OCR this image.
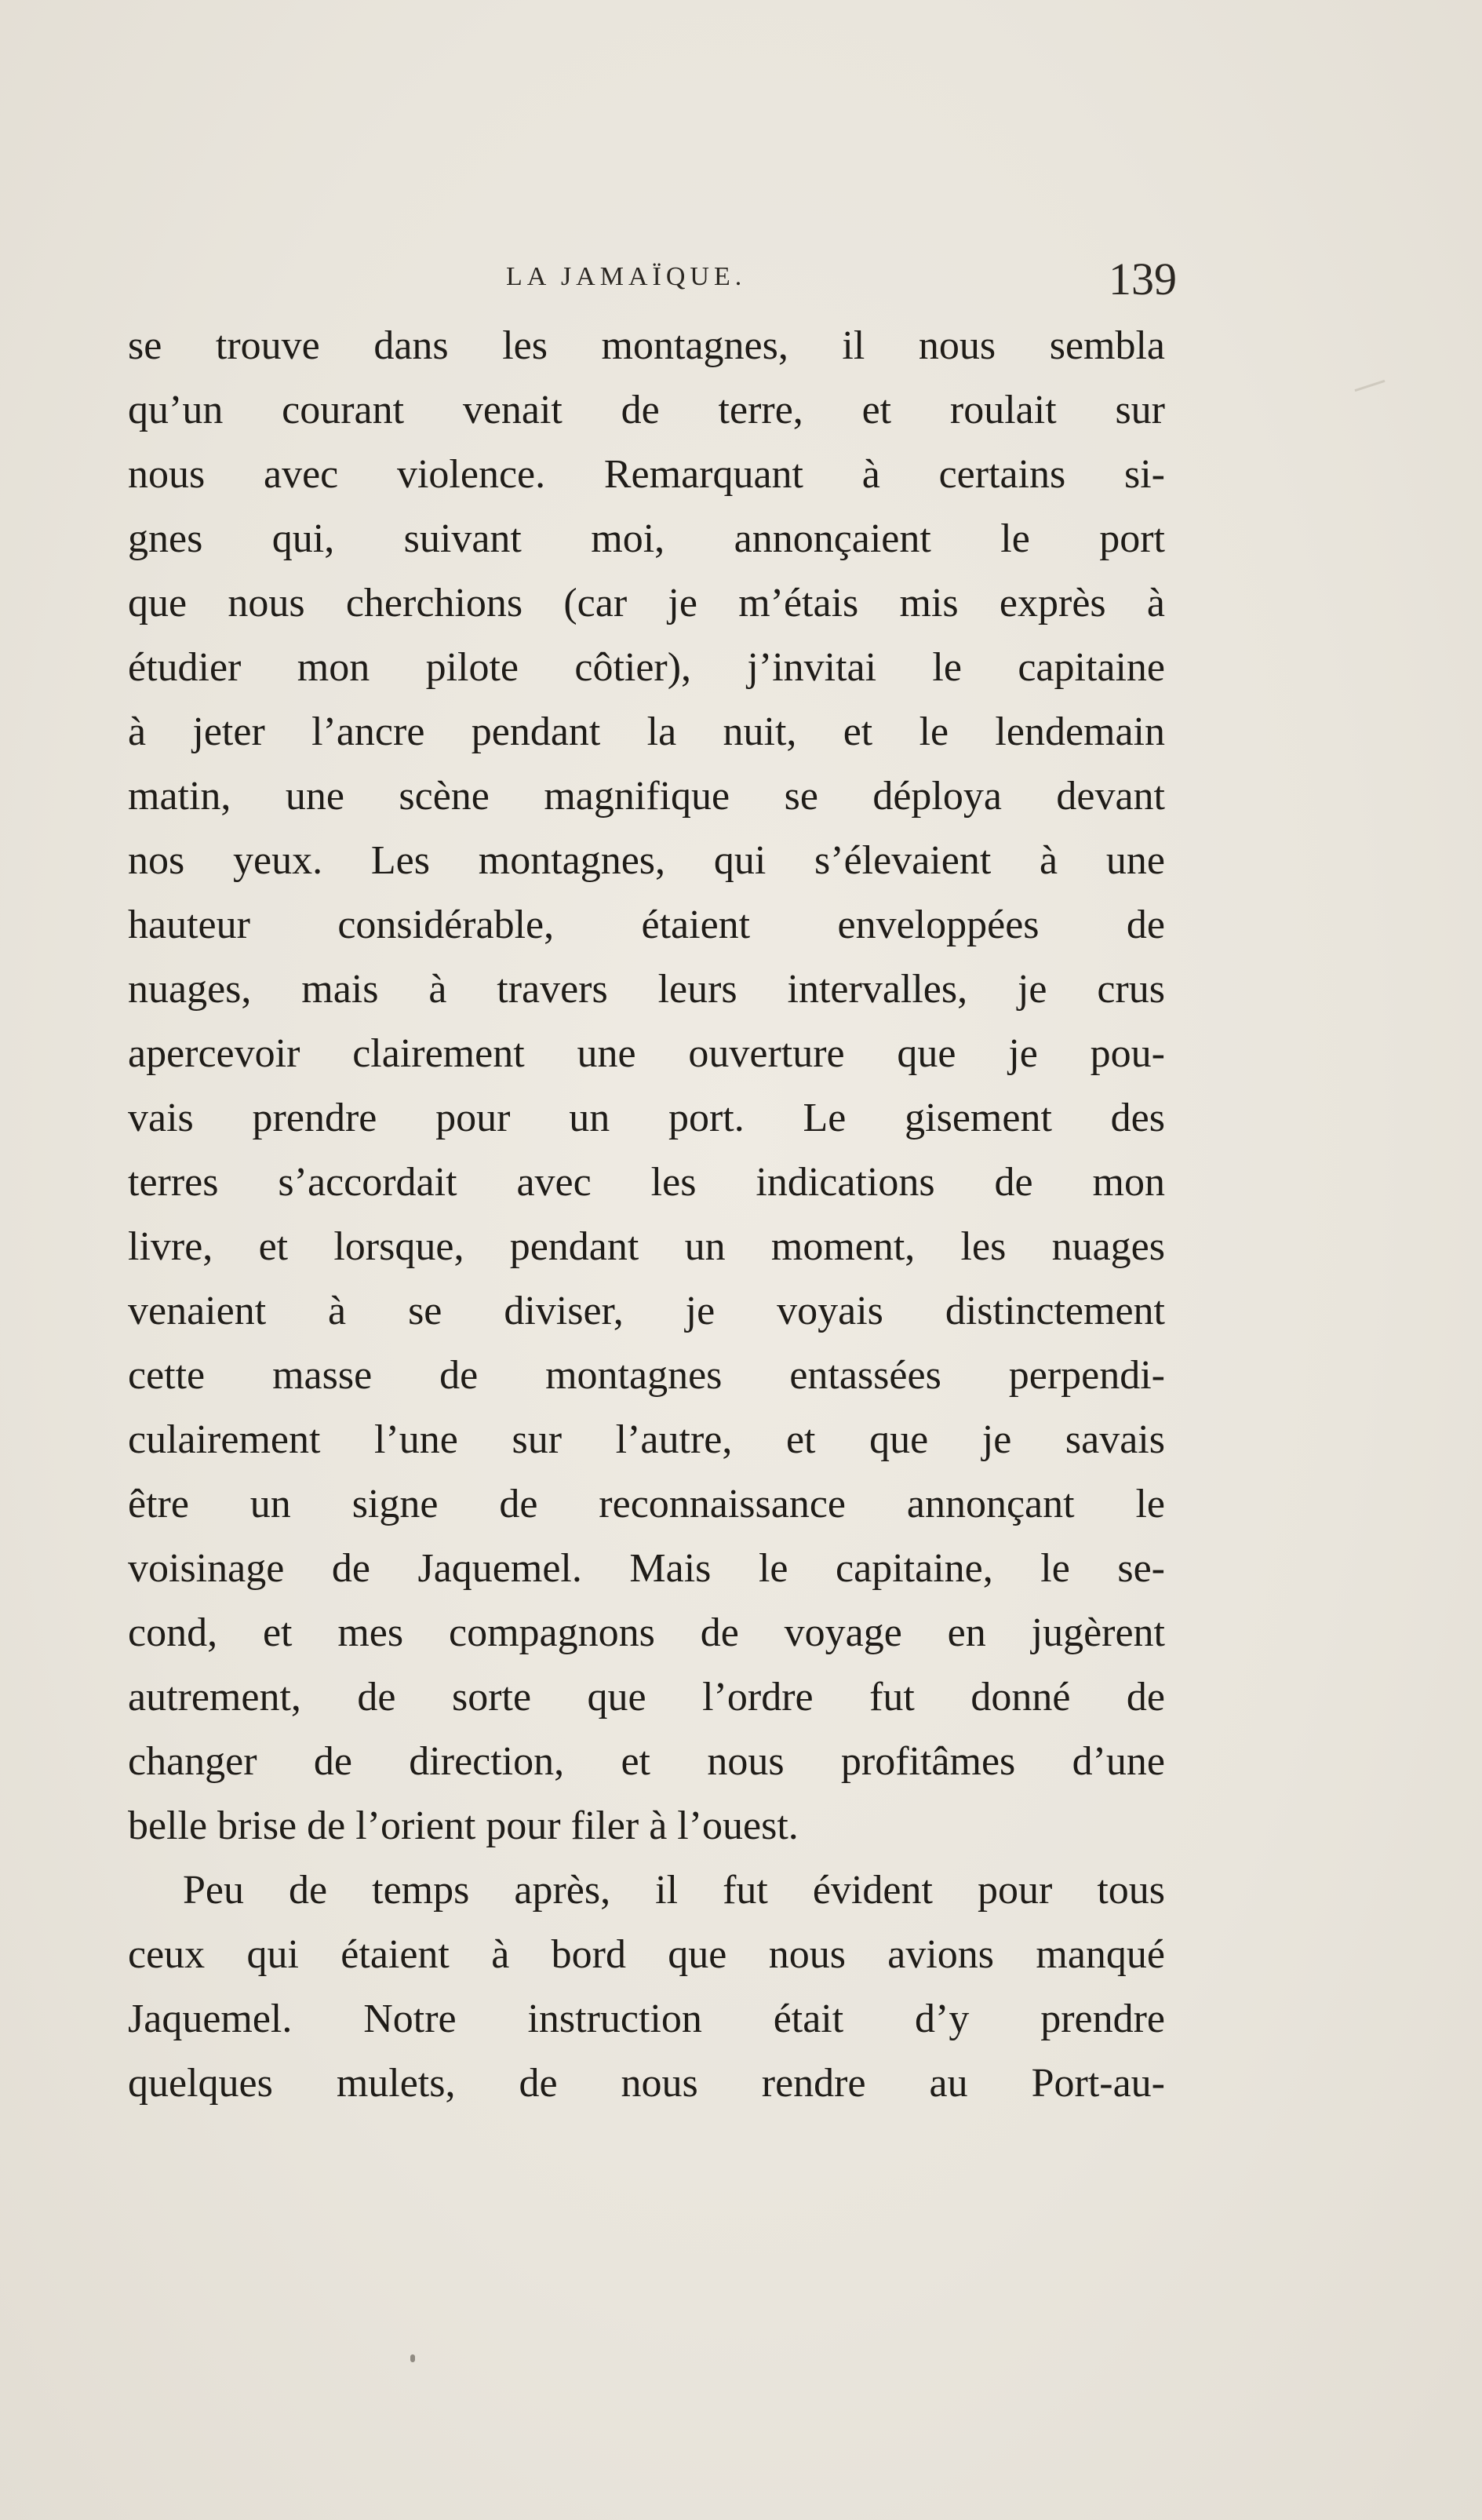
LA JAMAÏQUE.	139

se trouve dans les montagnes, il nous sembla

qu’un courant venait de terre, et roulait sur

nous avec violence. Remarquant à certains si-

gnes qui, suivant moi, annonçaient le port

que nous cherchions (car je m’étais mis exprès à

étudier mon pilote côtier), j’invitai le capitaine

à jeter l’ancre pendant la nuit, et le lendemain

matin, une scène magnifique se déploya devant

nos yeux. Les montagnes, qui s’élevaient à une

hauteur considérable, étaient enveloppées de

nuages, mais à travers leurs intervalles, je crus

apercevoir clairement une ouverture que je pou-

vais prendre pour un port. Le gisement des

terres s’accordait avec les indications de mon

livre, et lorsque, pendant un moment, les nuages

venaient à se diviser, je voyais distinctement

cette masse de montagnes entassées perpendi-

culairement l’une sur l’autre, et que je savais

être un signe de reconnaissance annonçant le

voisinage de Jaquemel. Mais le capitaine, le se-

cond, et mes compagnons de voyage en jugèrent

autrement, de sorte que l’ordre fut donné de

changer de direction, et nous profitâmes d’une

belle brise de l’orient pour filer à l’ouest.

Peu de temps après, il fut évident pour tous

ceux qui étaient à bord que nous avions manqué

Jaquemel. Notre instruction était d’y prendre

quelques mulets, de nous rendre au Port-au-
